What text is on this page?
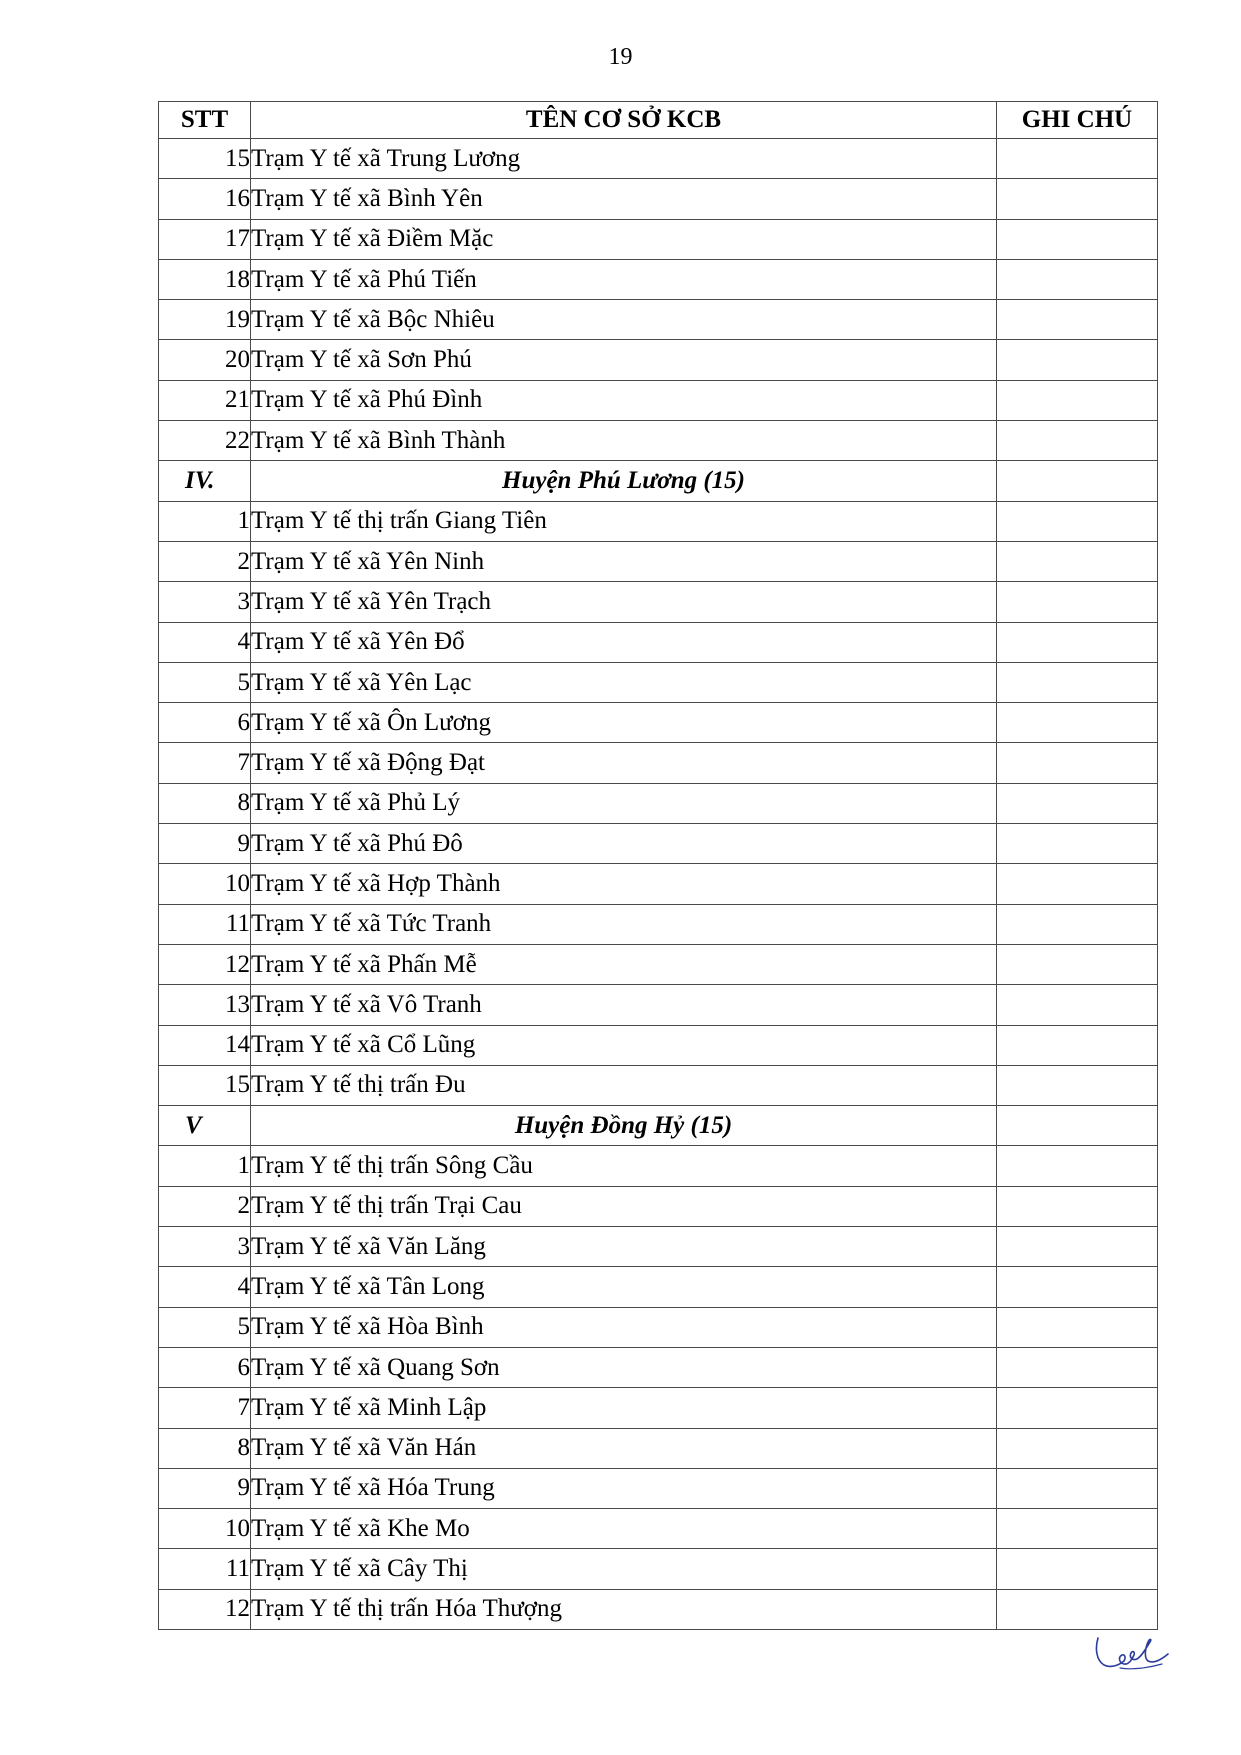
19
STT	TÊN CƠ SỞ KCB	GHI CHÚ
15	Trạm Y tế xã Trung Lương	
16	Trạm Y tế xã Bình Yên	
17	Trạm Y tế xã Điềm Mặc	
18	Trạm Y tế xã Phú Tiến	
19	Trạm Y tế xã Bộc Nhiêu	
20	Trạm Y tế xã Sơn Phú	
21	Trạm Y tế xã Phú Đình	
22	Trạm Y tế xã Bình Thành	
IV.	Huyện Phú Lương (15)	
1	Trạm Y tế thị trấn Giang Tiên	
2	Trạm Y tế xã Yên Ninh	
3	Trạm Y tế xã Yên Trạch	
4	Trạm Y tế xã Yên Đổ	
5	Trạm Y tế xã Yên Lạc	
6	Trạm Y tế xã Ôn Lương	
7	Trạm Y tế xã Động Đạt	
8	Trạm Y tế xã Phủ Lý	
9	Trạm Y tế xã Phú Đô	
10	Trạm Y tế xã Hợp Thành	
11	Trạm Y tế xã Tức Tranh	
12	Trạm Y tế xã Phấn Mễ	
13	Trạm Y tế xã Vô Tranh	
14	Trạm Y tế xã Cổ Lũng	
15	Trạm Y tế thị trấn Đu	
V	Huyện Đồng Hỷ (15)	
1	Trạm Y tế thị trấn Sông Cầu	
2	Trạm Y tế thị trấn Trại Cau	
3	Trạm Y tế xã Văn Lăng	
4	Trạm Y tế xã Tân Long	
5	Trạm Y tế xã Hòa Bình	
6	Trạm Y tế xã Quang Sơn	
7	Trạm Y tế xã Minh Lập	
8	Trạm Y tế xã Văn Hán	
9	Trạm Y tế xã Hóa Trung	
10	Trạm Y tế xã Khe Mo	
11	Trạm Y tế xã Cây Thị	
12	Trạm Y tế thị trấn Hóa Thượng	
